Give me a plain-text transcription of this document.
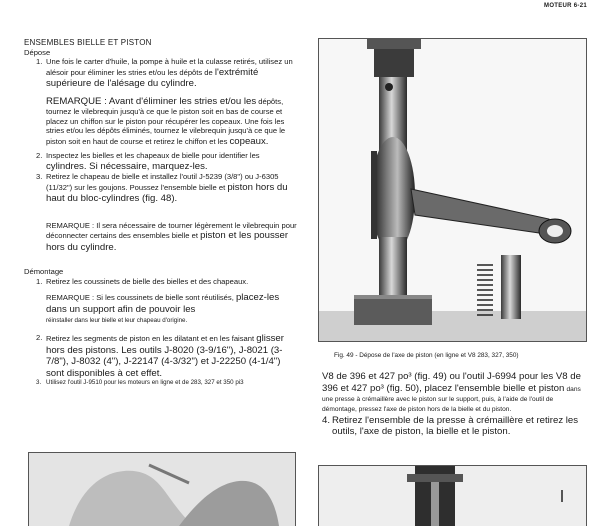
MOTEUR 6-21

ENSEMBLES BIELLE ET PISTON

Dépose

1. Une fois le carter d'huile, la pompe à huile et la culasse retirés, utilisez un alésoir pour éliminer les stries et/ou les dépôts de l'extrémité supérieure de l'alésage du cylindre.
REMARQUE : Avant d'éliminer les stries et/ou les dépôts, tournez le vilebrequin jusqu'à ce que le piston soit en bas de course et placez un chiffon sur le piston pour récupérer les copeaux. Une fois les stries et/ou les dépôts éliminés, tournez le vilebrequin jusqu'à ce que le piston soit en haut de course et retirez le chiffon et les copeaux.
2. Inspectez les bielles et les chapeaux de bielle pour identifier les cylindres. Si nécessaire, marquez-les.
3. Retirez le chapeau de bielle et installez l'outil J-5239 (3/8") ou J-6305 (11/32") sur les goujons. Poussez l'ensemble bielle et piston hors du haut du bloc-cylindres (fig. 48).
REMARQUE : Il sera nécessaire de tourner légèrement le vilebrequin pour déconnecter certains des ensembles bielle et piston et les pousser hors du cylindre.

Démontage

1. Retirez les coussinets de bielle des bielles et des chapeaux.
REMARQUE : Si les coussinets de bielle sont réutilisés, placez-les dans un support afin de pouvoir les
réinstaller dans leur bielle et leur chapeau d'origine.
2. Retirez les segments de piston en les dilatant et en les faisant glisser hors des pistons. Les outils J-8020 (3-9/16"), J-8021 (3-7/8"), J-8032 (4"), J-22147 (4-3/32") et J-22250 (4-1/4") sont disponibles à cet effet.
3. Utilisez l'outil J-9510 pour les moteurs en ligne et de 283, 327 et 350 pi3
Fig. 49 - Dépose de l'axe de piston (en ligne et V8 283, 327, 350)

V8 de 396 et 427 po³ (fig. 49) ou l'outil J-6994 pour les V8 de 396 et 427 po³ (fig. 50), placez l'ensemble bielle et piston dans une presse à crémaillère avec le piston sur le support, puis, à l'aide de l'outil de démontage, pressez l'axe de piston hors de la bielle et du piston.

4. Retirez l'ensemble de la presse à crémaillère et retirez les outils, l'axe de piston, la bielle et le piston.
